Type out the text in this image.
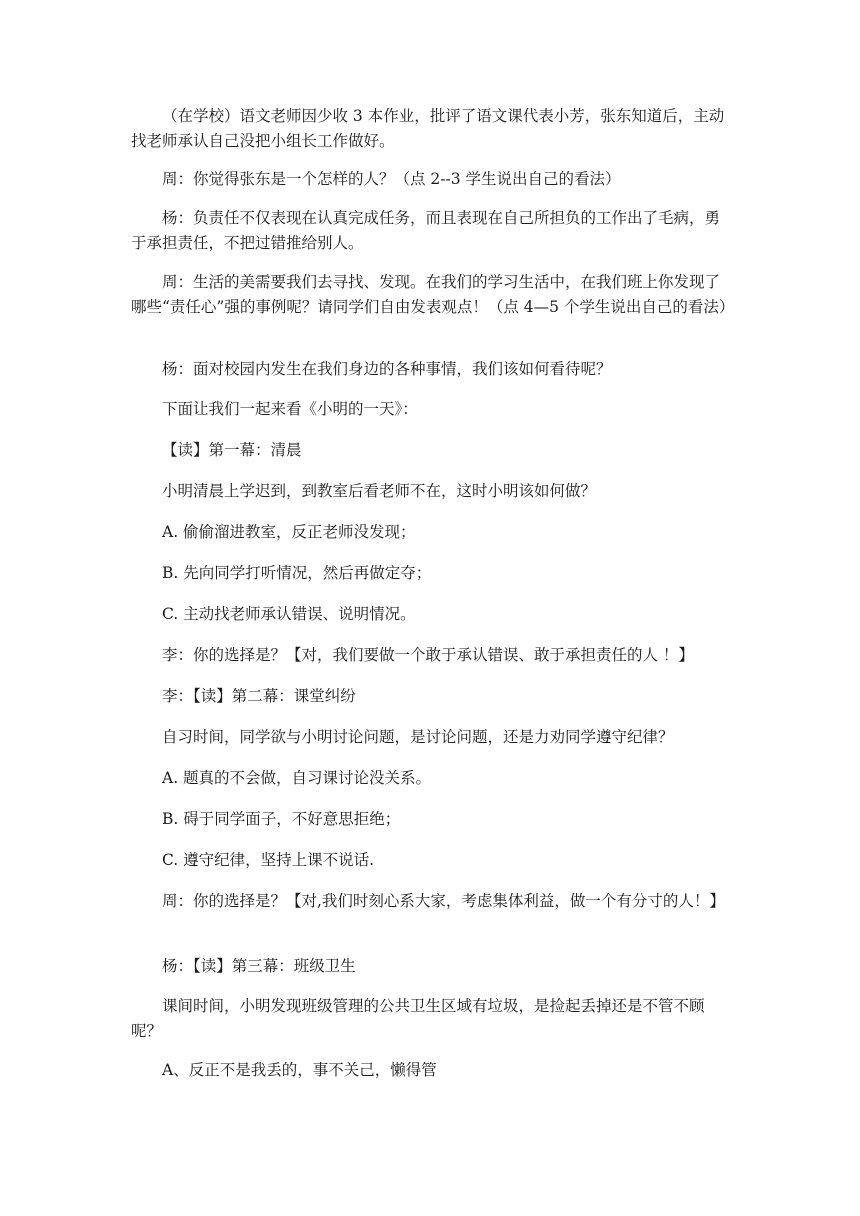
（在学校）语文老师因少收 3 本作业，批评了语文课代表小芳，张东知道后，主动找老师承认自己没把小组长工作做好。

周：你觉得张东是一个怎样的人？（点 2--3 学生说出自己的看法）

杨：负责任不仅表现在认真完成任务，而且表现在自己所担负的工作出了毛病，勇于承担责任，不把过错推给别人。

周：生活的美需要我们去寻找、发现。在我们的学习生活中，在我们班上你发现了哪些“责任心”强的事例呢？请同学们自由发表观点！（点 4—5 个学生说出自己的看法）

杨：面对校园内发生在我们身边的各种事情，我们该如何看待呢？

下面让我们一起来看《小明的一天》：

【读】第一幕：清晨

小明清晨上学迟到，到教室后看老师不在，这时小明该如何做？

A. 偷偷溜进教室，反正老师没发现；

B. 先向同学打听情况，然后再做定夺；

C. 主动找老师承认错误、说明情况。

李：你的选择是？【对，我们要做一个敢于承认错误、敢于承担责任的人 ！】

李：【读】第二幕：课堂纠纷

自习时间，同学欲与小明讨论问题，是讨论问题，还是力劝同学遵守纪律？

A. 题真的不会做，自习课讨论没关系。

B. 碍于同学面子，不好意思拒绝；

C. 遵守纪律，坚持上课不说话.

周：你的选择是？【对,我们时刻心系大家，考虑集体利益，做一个有分寸的人！】

杨：【读】第三幕：班级卫生

课间时间，小明发现班级管理的公共卫生区域有垃圾，是捡起丢掉还是不管不顾呢？

A、反正不是我丢的，事不关己，懒得管
